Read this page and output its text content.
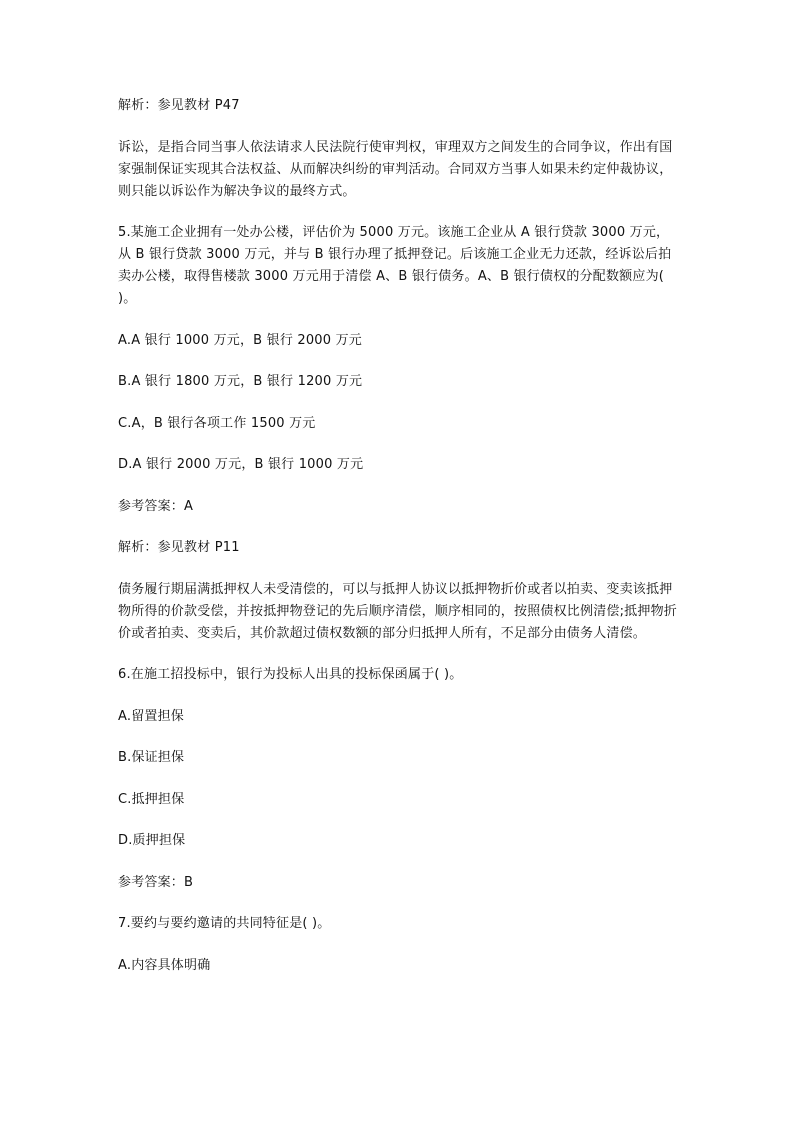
解析：参见教材 P47

诉讼，是指合同当事人依法请求人民法院行使审判权，审理双方之间发生的合同争议，作出有国家强制保证实现其合法权益、从而解决纠纷的审判活动。合同双方当事人如果未约定仲裁协议，则只能以诉讼作为解决争议的最终方式。

5.某施工企业拥有一处办公楼，评估价为 5000 万元。该施工企业从 A 银行贷款 3000 万元，从 B 银行贷款 3000 万元，并与 B 银行办理了抵押登记。后该施工企业无力还款，经诉讼后拍卖办公楼，取得售楼款 3000 万元用于清偿 A、B 银行债务。A、B 银行债权的分配数额应为( )。

A.A 银行 1000 万元，B 银行 2000 万元

B.A 银行 1800 万元，B 银行 1200 万元

C.A，B 银行各项工作 1500 万元

D.A 银行 2000 万元，B 银行 1000 万元

参考答案：A

解析：参见教材 P11

债务履行期届满抵押权人未受清偿的，可以与抵押人协议以抵押物折价或者以拍卖、变卖该抵押物所得的价款受偿，并按抵押物登记的先后顺序清偿，顺序相同的，按照债权比例清偿;抵押物折价或者拍卖、变卖后，其价款超过债权数额的部分归抵押人所有，不足部分由债务人清偿。

6.在施工招投标中，银行为投标人出具的投标保函属于( )。

A.留置担保

B.保证担保

C.抵押担保

D.质押担保

参考答案：B

7.要约与要约邀请的共同特征是( )。

A.内容具体明确
